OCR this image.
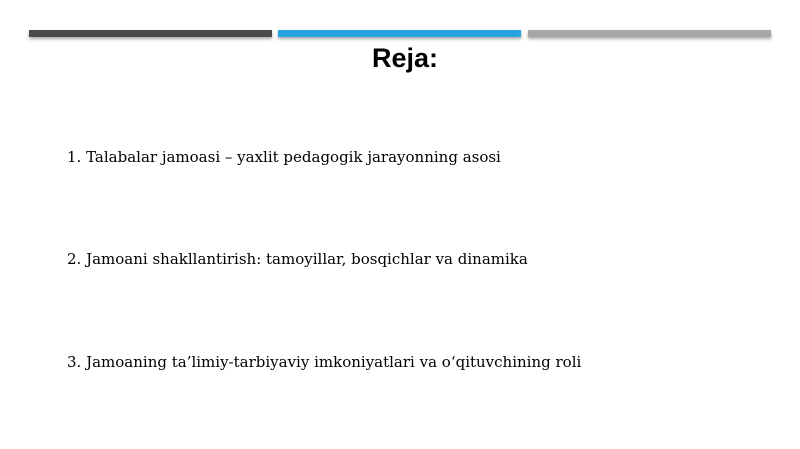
Reja:
1. Talabalar jamoasi – yaxlit pedagogik jarayonning asosi
2. Jamoani shakllantirish: tamoyillar, bosqichlar va dinamika
3. Jamoaning ta’limiy-tarbiyaviy imkoniyatlari va o‘qituvchining roli
